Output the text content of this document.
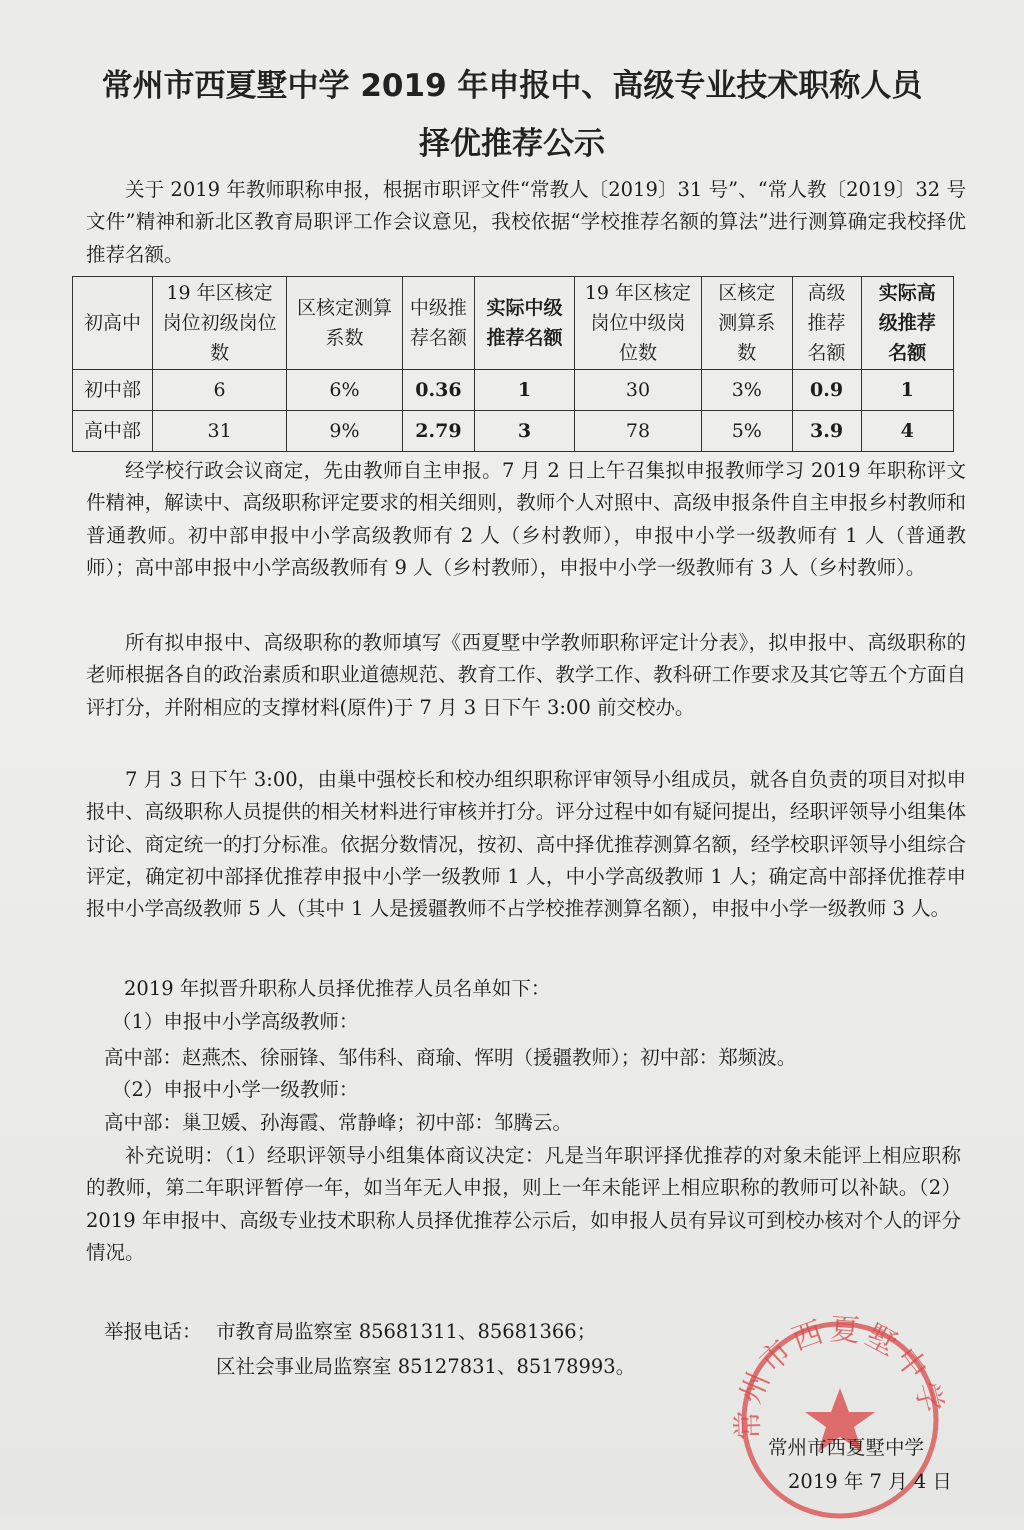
常州市西夏墅中学 2019 年申报中、高级专业技术职称人员
择优推荐公示

关于 2019 年教师职称申报，根据市职评文件“常教人〔2019〕31 号”、“常人教〔2019〕32 号文件”精神和新北区教育局职评工作会议意见，我校依据“学校推荐名额的算法”进行测算确定我校择优推荐名额。

初高中	19 年区核定岗位初级岗位数	区核定测算系数	中级推荐名额	实际中级推荐名额	19 年区核定岗位中级岗位数	区核定测算系数	高级推荐名额	实际高级推荐名额
初中部	6	6%	0.36	1	30	3%	0.9	1
高中部	31	9%	2.79	3	78	5%	3.9	4

经学校行政会议商定，先由教师自主申报。7 月 2 日上午召集拟申报教师学习 2019 年职称评文件精神，解读中、高级职称评定要求的相关细则，教师个人对照中、高级申报条件自主申报乡村教师和普通教师。初中部申报中小学高级教师有 2 人（乡村教师），申报中小学一级教师有 1 人（普通教师）；高中部申报中小学高级教师有 9 人（乡村教师），申报中小学一级教师有 3 人（乡村教师）。

所有拟申报中、高级职称的教师填写《西夏墅中学教师职称评定计分表》，拟申报中、高级职称的老师根据各自的政治素质和职业道德规范、教育工作、教学工作、教科研工作要求及其它等五个方面自评打分，并附相应的支撑材料(原件)于 7 月 3 日下午 3:00 前交校办。

7 月 3 日下午 3:00，由巢中强校长和校办组织职称评审领导小组成员，就各自负责的项目对拟申报中、高级职称人员提供的相关材料进行审核并打分。评分过程中如有疑问提出，经职评领导小组集体讨论、商定统一的打分标准。依据分数情况，按初、高中择优推荐测算名额，经学校职评领导小组综合评定，确定初中部择优推荐申报中小学一级教师 1 人，中小学高级教师 1 人；确定高中部择优推荐申报中小学高级教师 5 人（其中 1 人是援疆教师不占学校推荐测算名额），申报中小学一级教师 3 人。

2019 年拟晋升职称人员择优推荐人员名单如下：
（1）申报中小学高级教师：
高中部：赵燕杰、徐丽锋、邹伟科、商瑜、恽明（援疆教师）；初中部：郑频波。
（2）申报中小学一级教师：
高中部：巢卫媛、孙海霞、常静峰；初中部：邹腾云。

补充说明：（1）经职评领导小组集体商议决定：凡是当年职评择优推荐的对象未能评上相应职称的教师，第二年职评暂停一年，如当年无人申报，则上一年未能评上相应职称的教师可以补缺。（2）2019 年申报中、高级专业技术职称人员择优推荐公示后，如申报人员有异议可到校办核对个人的评分情况。

举报电话： 市教育局监察室 85681311、85681366；
区社会事业局监察室 85127831、85178993。
常州市西夏墅中学
常州市西夏墅中学
2019 年 7 月 4 日
